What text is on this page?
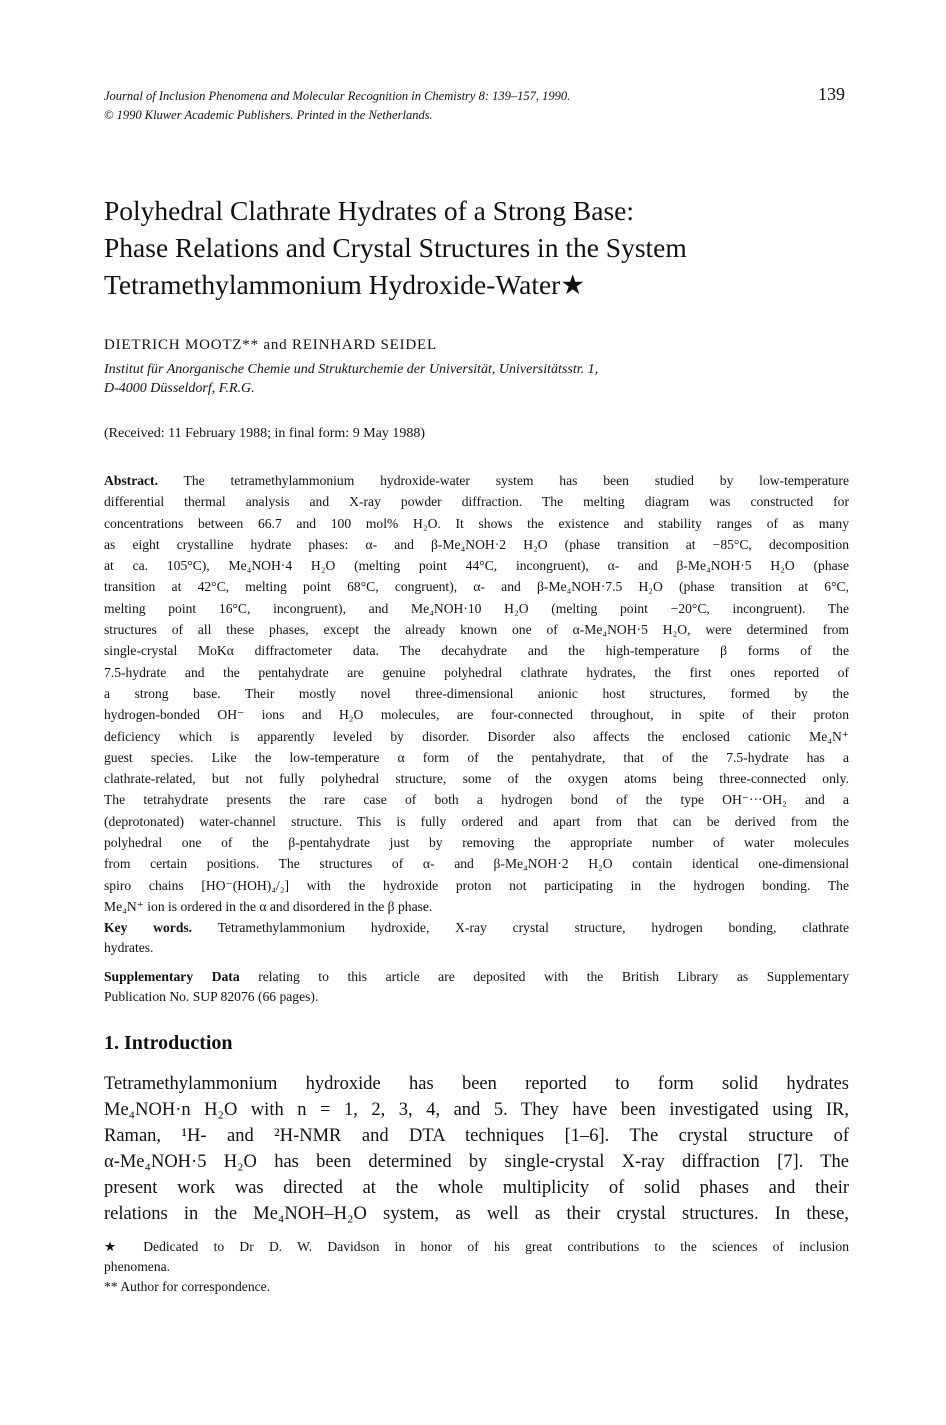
Journal of Inclusion Phenomena and Molecular Recognition in Chemistry 8: 139–157, 1990.
© 1990 Kluwer Academic Publishers. Printed in the Netherlands.
139
Polyhedral Clathrate Hydrates of a Strong Base:
Phase Relations and Crystal Structures in the System
Tetramethylammonium Hydroxide-Water★
DIETRICH MOOTZ** and REINHARD SEIDEL
Institut für Anorganische Chemie und Strukturchemie der Universität, Universitätsstr. 1,
D-4000 Düsseldorf, F.R.G.
(Received: 11 February 1988; in final form: 9 May 1988)
Abstract. The tetramethylammonium hydroxide-water system has been studied by low-temperature
differential thermal analysis and X-ray powder diffraction. The melting diagram was constructed for
concentrations between 66.7 and 100 mol% H₂O. It shows the existence and stability ranges of as many
as eight crystalline hydrate phases: α- and β-Me₄NOH·2 H₂O (phase transition at −85°C, decomposition
at ca. 105°C), Me₄NOH·4 H₂O (melting point 44°C, incongruent), α- and β-Me₄NOH·5 H₂O (phase
transition at 42°C, melting point 68°C, congruent), α- and β-Me₄NOH·7.5 H₂O (phase transition at 6°C,
melting point 16°C, incongruent), and Me₄NOH·10 H₂O (melting point −20°C, incongruent). The
structures of all these phases, except the already known one of α-Me₄NOH·5 H₂O, were determined from
single-crystal MoKα diffractometer data. The decahydrate and the high-temperature β forms of the
7.5-hydrate and the pentahydrate are genuine polyhedral clathrate hydrates, the first ones reported of
a strong base. Their mostly novel three-dimensional anionic host structures, formed by the
hydrogen-bonded OH⁻ ions and H₂O molecules, are four-connected throughout, in spite of their proton
deficiency which is apparently leveled by disorder. Disorder also affects the enclosed cationic Me₄N⁺
guest species. Like the low-temperature α form of the pentahydrate, that of the 7.5-hydrate has a
clathrate-related, but not fully polyhedral structure, some of the oxygen atoms being three-connected only.
The tetrahydrate presents the rare case of both a hydrogen bond of the type OH⁻···OH₂ and a
(deprotonated) water-channel structure. This is fully ordered and apart from that can be derived from the
polyhedral one of the β-pentahydrate just by removing the appropriate number of water molecules
from certain positions. The structures of α- and β-Me₄NOH·2 H₂O contain identical one-dimensional
spiro chains [HO⁻(HOH)₄/₂] with the hydroxide proton not participating in the hydrogen bonding. The
Me₄N⁺ ion is ordered in the α and disordered in the β phase.
Key words. Tetramethylammonium hydroxide, X-ray crystal structure, hydrogen bonding, clathrate
hydrates.
Supplementary Data relating to this article are deposited with the British Library as Supplementary
Publication No. SUP 82076 (66 pages).
1. Introduction
Tetramethylammonium hydroxide has been reported to form solid hydrates
Me₄NOH·n H₂O with n = 1, 2, 3, 4, and 5. They have been investigated using IR,
Raman, ¹H- and ²H-NMR and DTA techniques [1–6]. The crystal structure of
α-Me₄NOH·5 H₂O has been determined by single-crystal X-ray diffraction [7]. The
present work was directed at the whole multiplicity of solid phases and their
relations in the Me₄NOH–H₂O system, as well as their crystal structures. In these,
★ Dedicated to Dr D. W. Davidson in honor of his great contributions to the sciences of inclusion
phenomena.
** Author for correspondence.
